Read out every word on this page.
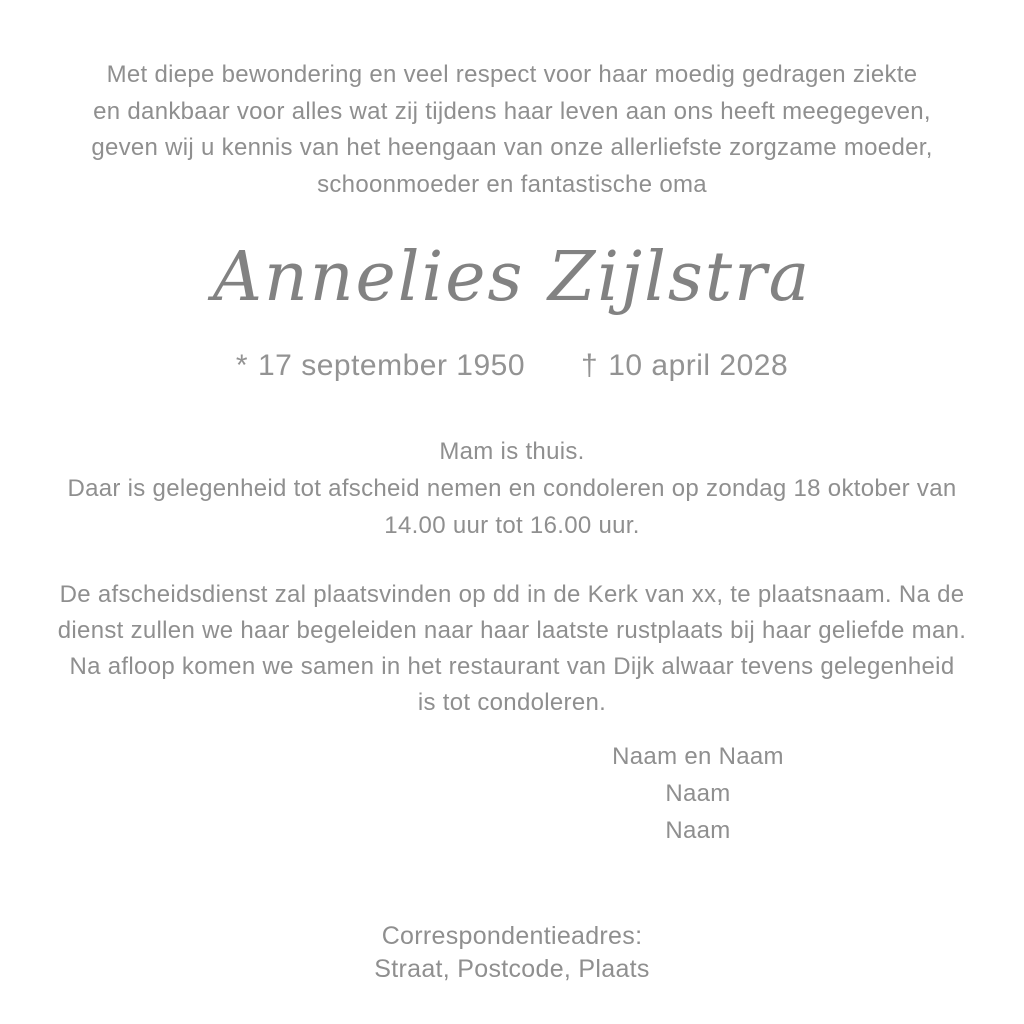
Met diepe bewondering en veel respect voor haar moedig gedragen ziekte
en dankbaar voor alles wat zij tijdens haar leven aan ons heeft meegegeven,
geven wij u kennis van het heengaan van onze allerliefste zorgzame moeder,
schoonmoeder en fantastische oma
Annelies Zijlstra
* 17 september 1950 † 10 april 2028
Mam is thuis.
Daar is gelegenheid tot afscheid nemen en condoleren op zondag 18 oktober van
14.00 uur tot 16.00 uur.
De afscheidsdienst zal plaatsvinden op dd in de Kerk van xx, te plaatsnaam. Na de
dienst zullen we haar begeleiden naar haar laatste rustplaats bij haar geliefde man.
Na afloop komen we samen in het restaurant van Dijk alwaar tevens gelegenheid
is tot condoleren.
Naam en Naam
Naam
Naam
Correspondentieadres:
Straat, Postcode, Plaats
